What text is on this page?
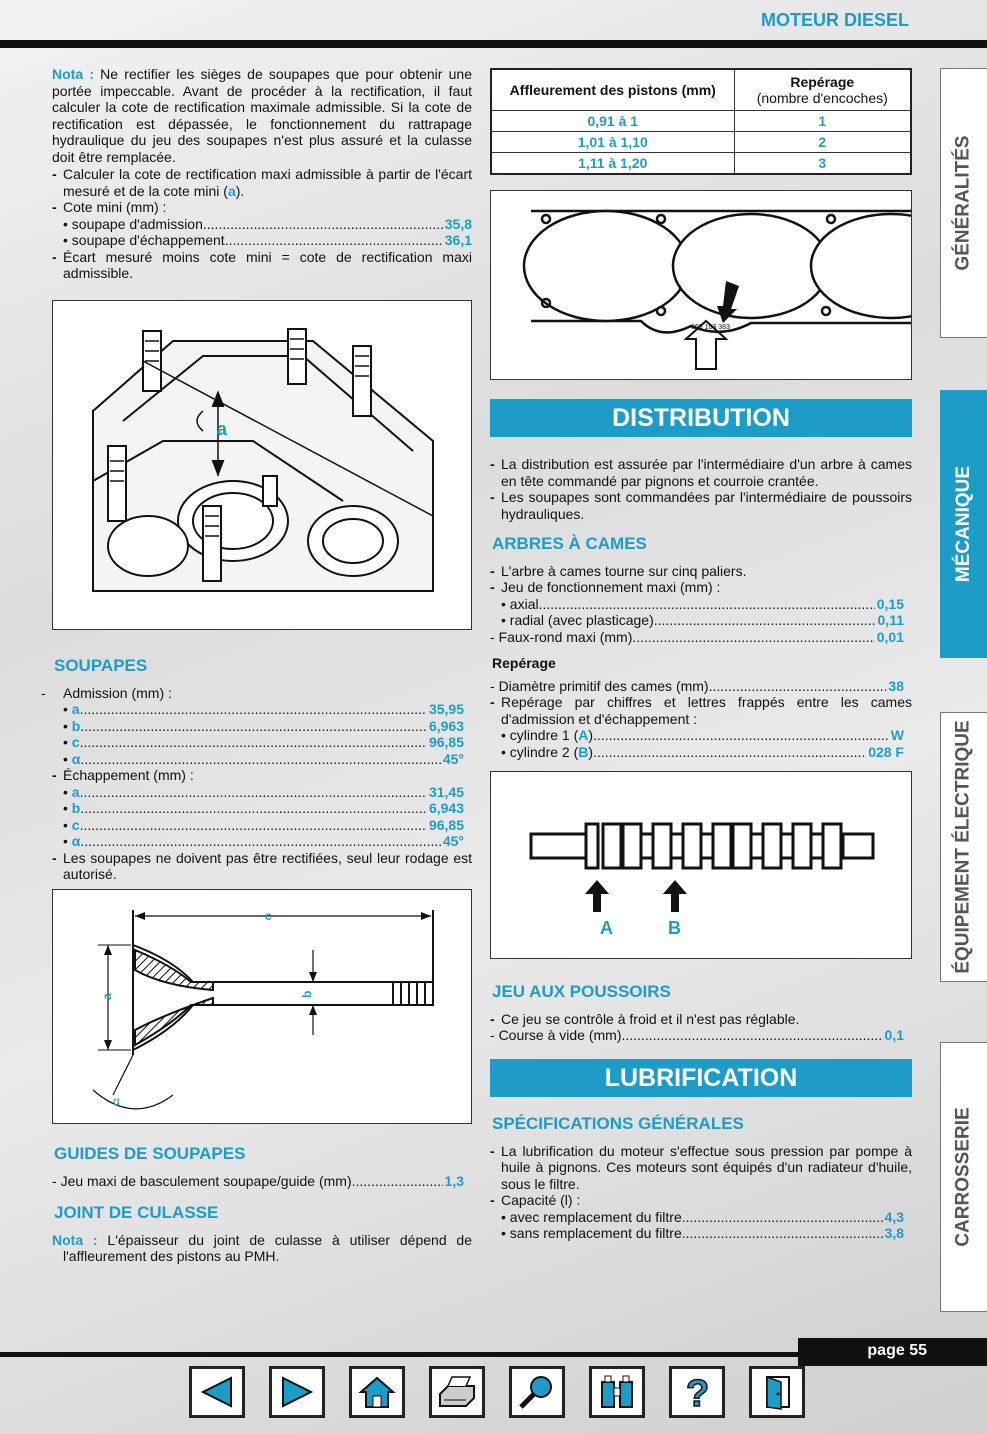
MOTEUR DIESEL

Nota : Ne rectifier les sièges de soupapes que pour obtenir une portée impeccable. Avant de procéder à la rectification, il faut calculer la cote de rectification maximale admissible. Si la cote de rectification est dépassée, le fonctionnement du rattrapage hydraulique du jeu des soupapes n'est plus assuré et la culasse doit être remplacée.

- Calculer la cote de rectification maxi admissible à partir de l'écart mesuré et de la cote mini (a).

- Cote mini (mm) :

• soupape d'admission .....	35,8
• soupape d'échappement .....	36,1

- Écart mesuré moins cote mini = cote de rectification maxi admissible.

a
SOUPAPES

- Admission (mm) :

• a .....	35,95
• b .....	6,963
• c .....	96,85
• α .....	45°

- Échappement (mm) :

• a .....	31,45
• b .....	6,943
• c .....	96,85
• α .....	45°

- Les soupapes ne doivent pas être rectifiées, seul leur rodage est autorisé.

c
a	b
α
GUIDES DE SOUPAPES
- Jeu maxi de basculement soupape/guide (mm) .....	1,3
JOINT DE CULASSE

Nota : L'épaisseur du joint de culasse à utiliser dépend de l'affleurement des pistons au PMH.

Affleurement des pistons (mm)	Repérage
(nombre d'encoches)

0,91 à 1	1
1,01 à 1,10	2
1,11 à 1,20	3
068 103 383
DISTRIBUTION

- La distribution est assurée par l'intermédiaire d'un arbre à cames en tête commandé par pignons et courroie crantée.

- Les soupapes sont commandées par l'intermédiaire de poussoirs hydrauliques.

ARBRES À CAMES

- L'arbre à cames tourne sur cinq paliers.

- Jeu de fonctionnement maxi (mm) :

• axial .....	0,15
• radial (avec plasticage) .....	0,11
- Faux-rond maxi (mm) .....	0,01
Repérage
- Diamètre primitif des cames (mm) .....	38

- Repérage par chiffres et lettres frappés entre les cames d'admission et d'échappement :

• cylindre 1 (A) .....	W
• cylindre 2 (B) .....	028 F
A	B
JEU AUX POUSSOIRS

- Ce jeu se contrôle à froid et il n'est pas réglable.

- Course à vide (mm) .....	0,1
LUBRIFICATION
SPÉCIFICATIONS GÉNÉRALES

- La lubrification du moteur s'effectue sous pression par pompe à huile à pignons. Ces moteurs sont équipés d'un radiateur d'huile, sous le filtre.

- Capacité (l) :

• avec remplacement du filtre .....	4,3
• sans remplacement du filtre .....	3,8
GÉNÉRALITÉS
MÉCANIQUE
ÉQUIPEMENT ÉLECTRIQUE
CARROSSERIE
page 55
?
